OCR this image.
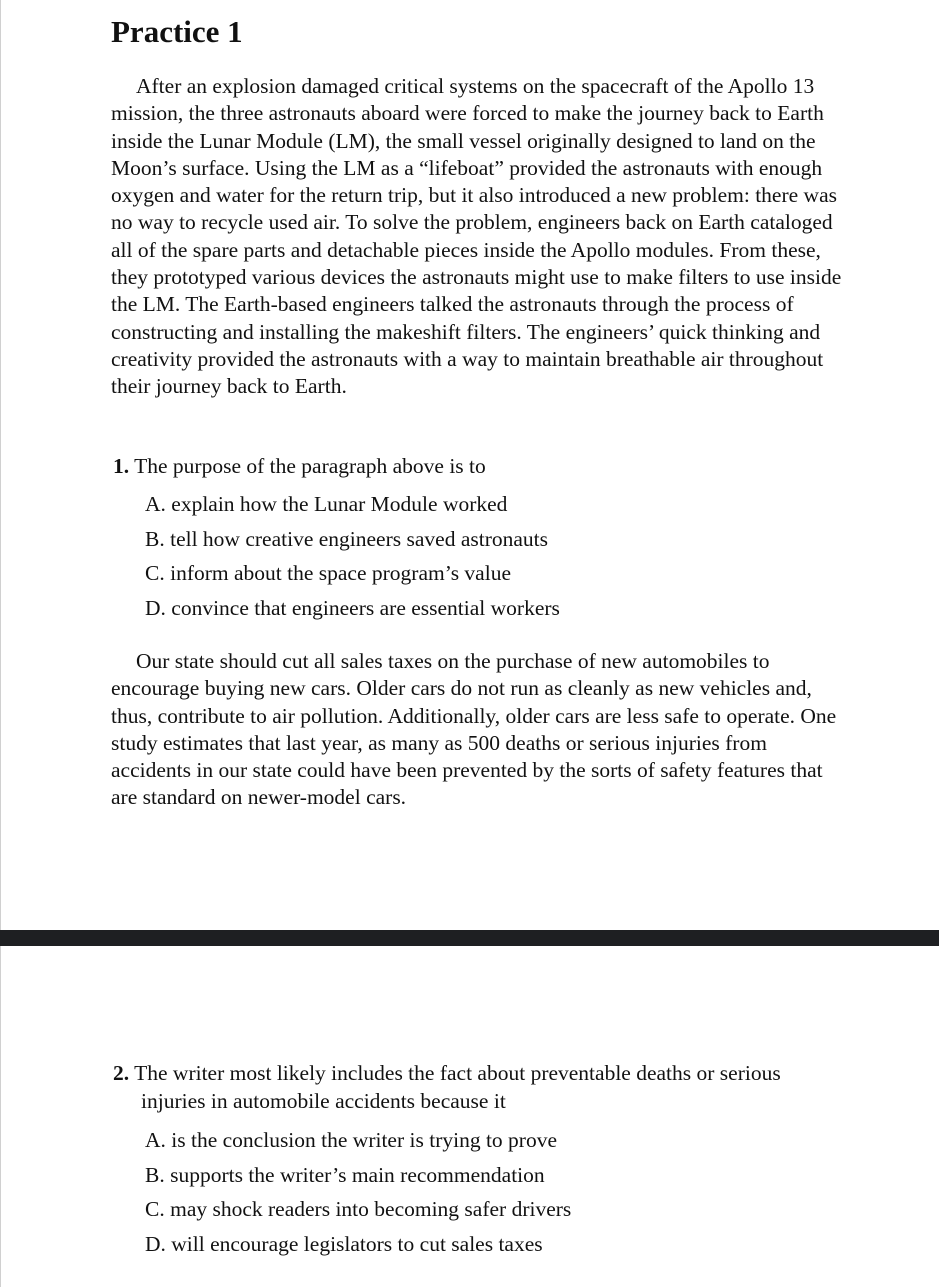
Practice 1

After an explosion damaged critical systems on the spacecraft of the Apollo 13 mission, the three astronauts aboard were forced to make the journey back to Earth inside the Lunar Module (LM), the small vessel originally designed to land on the Moon’s surface. Using the LM as a “lifeboat” provided the astronauts with enough oxygen and water for the return trip, but it also introduced a new problem: there was no way to recycle used air. To solve the problem, engineers back on Earth cataloged all of the spare parts and detachable pieces inside the Apollo modules. From these, they prototyped various devices the astronauts might use to make filters to use inside the LM. The Earth-based engineers talked the astronauts through the process of constructing and installing the makeshift filters. The engineers’ quick thinking and creativity provided the astronauts with a way to maintain breathable air throughout their journey back to Earth.

1. The purpose of the paragraph above is to
A. explain how the Lunar Module worked
B. tell how creative engineers saved astronauts
C. inform about the space program’s value
D. convince that engineers are essential workers

Our state should cut all sales taxes on the purchase of new automobiles to encourage buying new cars. Older cars do not run as cleanly as new vehicles and, thus, contribute to air pollution. Additionally, older cars are less safe to operate. One study estimates that last year, as many as 500 deaths or serious injuries from accidents in our state could have been prevented by the sorts of safety features that are standard on newer-model cars.

2. The writer most likely includes the fact about preventable deaths or serious injuries in automobile accidents because it
A. is the conclusion the writer is trying to prove
B. supports the writer’s main recommendation
C. may shock readers into becoming safer drivers
D. will encourage legislators to cut sales taxes
